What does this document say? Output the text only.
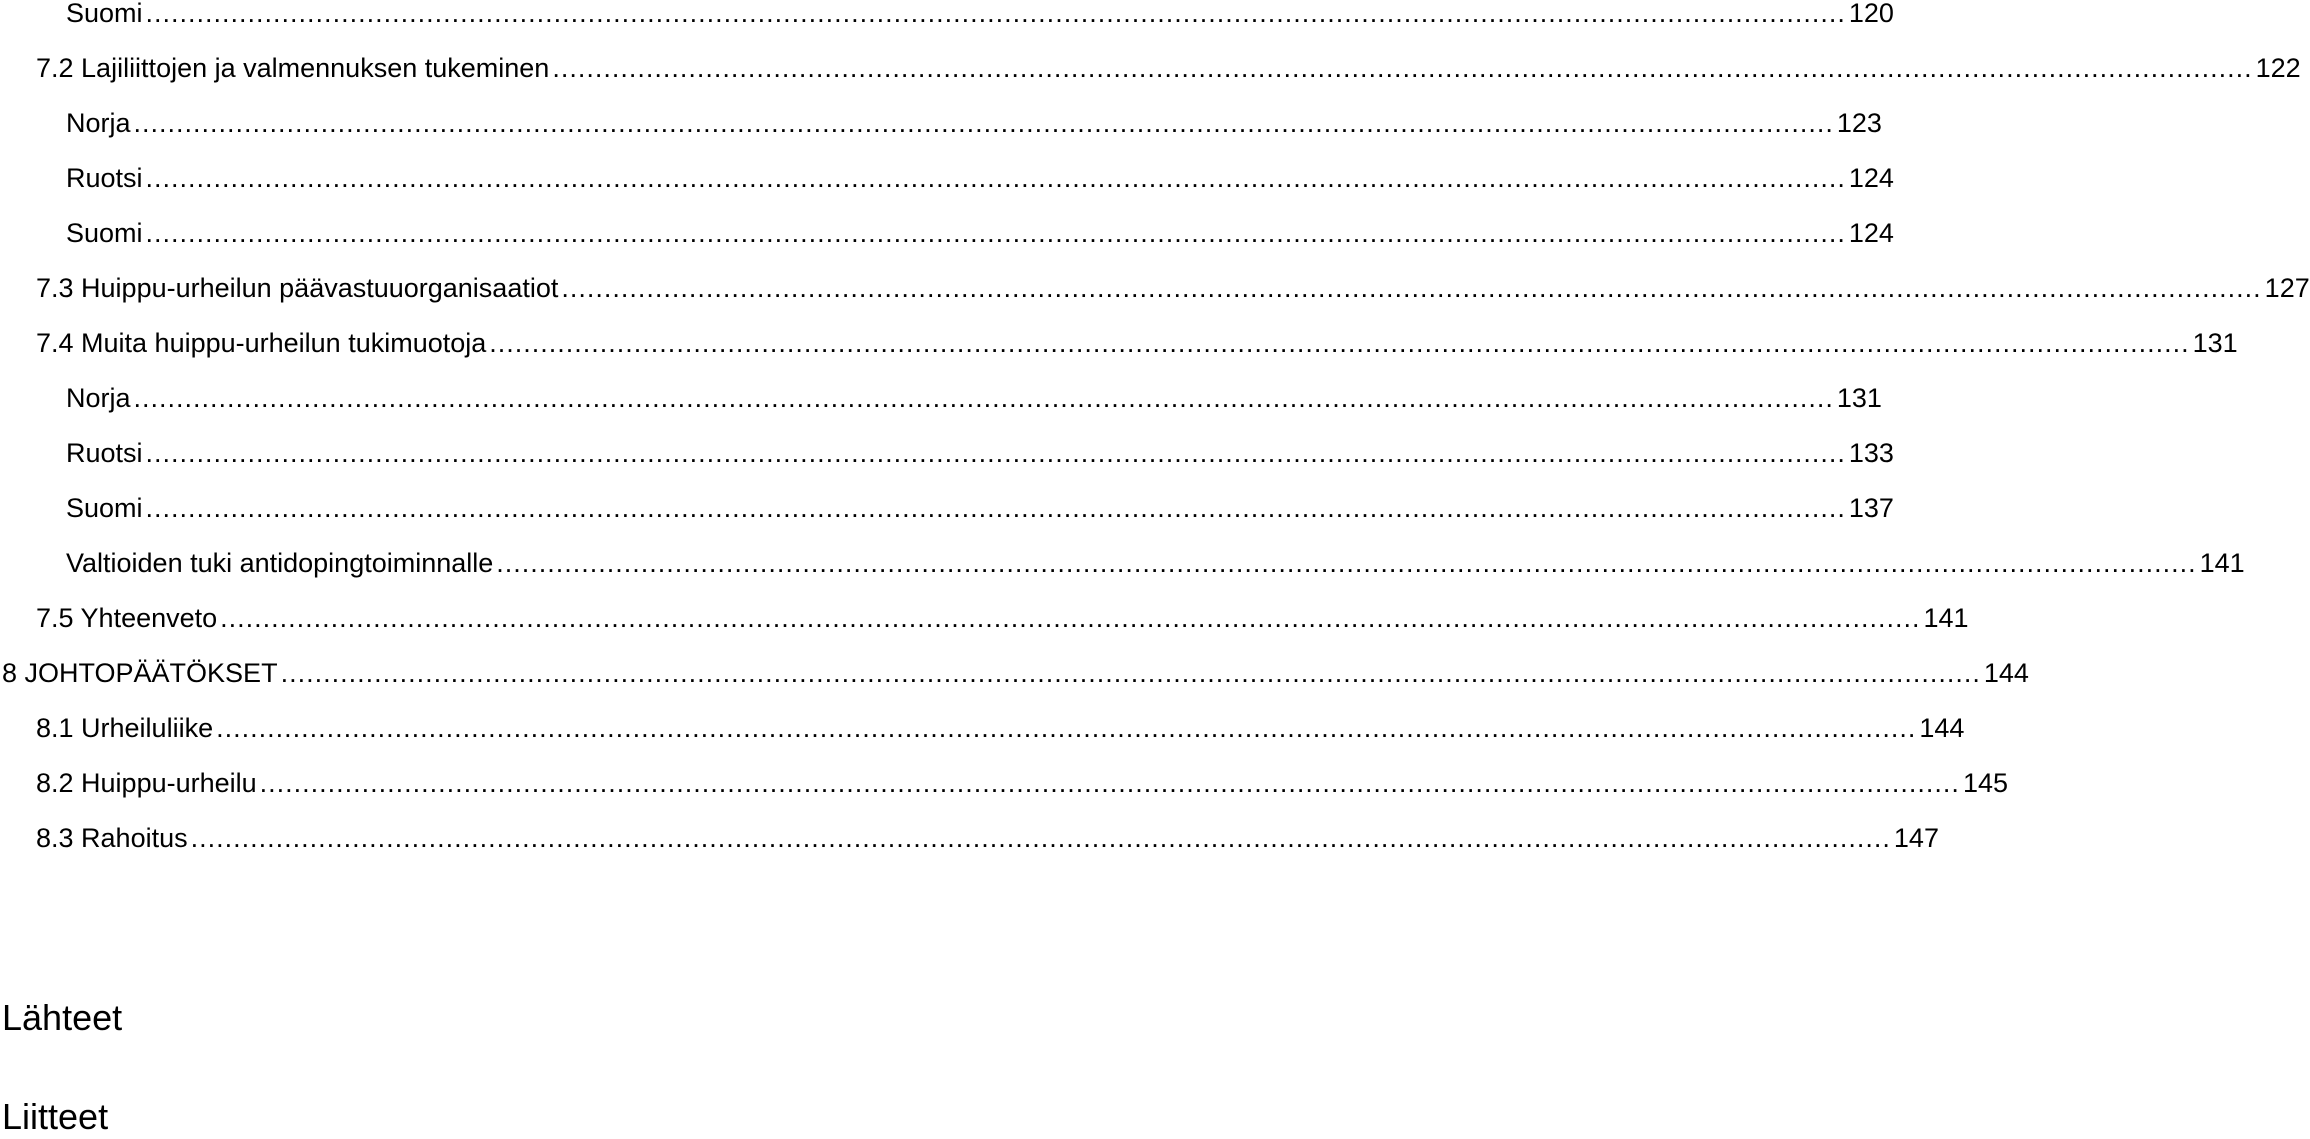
Suomi .....	120
7.2 Lajiliittojen ja valmennuksen tukeminen .....	122
Norja .....	123
Ruotsi .....	124
Suomi .....	124
7.3 Huippu-urheilun päävastuuorganisaatiot .....	127
7.4 Muita huippu-urheilun tukimuotoja .....	131
Norja .....	131
Ruotsi .....	133
Suomi .....	137
Valtioiden tuki antidopingtoiminnalle .....	141
7.5 Yhteenveto .....	141
8 JOHTOPÄÄTÖKSET .....	144
8.1 Urheiluliike .....	144
8.2 Huippu-urheilu .....	145
8.3 Rahoitus .....	147
Lähteet
Liitteet
